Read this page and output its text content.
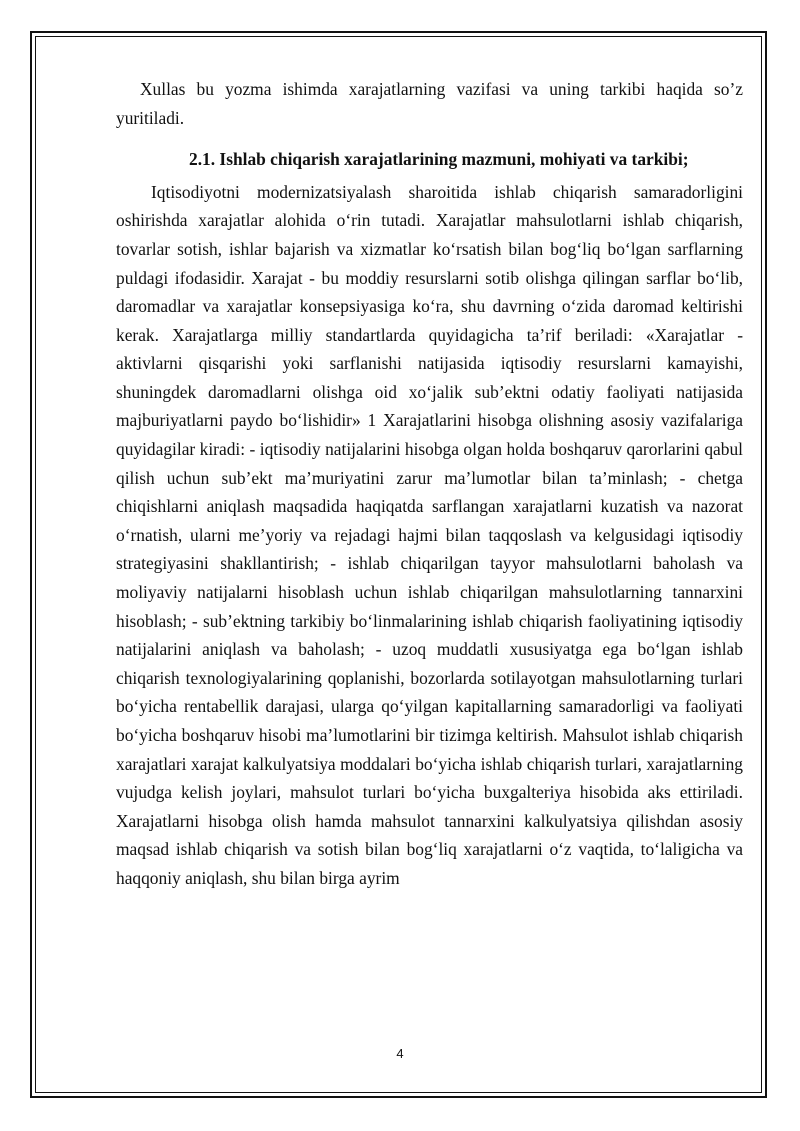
Xullas bu yozma ishimda xarajatlarning vazifasi va uning tarkibi haqida so’z yuritiladi.

2.1. Ishlab chiqarish xarajatlarining mazmuni, mohiyati va tarkibi;

Iqtisodiyotni modernizatsiyalash sharoitida ishlab chiqarish samaradorligini oshirishda xarajatlar alohida o‘rin tutadi. Xarajatlar mahsulotlarni ishlab chiqarish, tovarlar sotish, ishlar bajarish va xizmatlar ko‘rsatish bilan bog‘liq bo‘lgan sarflarning puldagi ifodasidir. Xarajat - bu moddiy resurslarni sotib olishga qilingan sarflar bo‘lib, daromadlar va xarajatlar konsepsiyasiga ko‘ra, shu davrning o‘zida daromad keltirishi kerak. Xarajatlarga milliy standartlarda quyidagicha ta’rif beriladi: «Xarajatlar - aktivlarni qisqarishi yoki sarflanishi natijasida iqtisodiy resurslarni kamayishi, shuningdek daromadlarni olishga oid xo‘jalik sub’ektni odatiy faoliyati natijasida majburiyatlarni paydo bo‘lishidir» 1 Xarajatlarini hisobga olishning asosiy vazifalariga quyidagilar kiradi: - iqtisodiy natijalarini hisobga olgan holda boshqaruv qarorlarini qabul qilish uchun sub’ekt ma’muriyatini zarur ma’lumotlar bilan ta’minlash; - chetga chiqishlarni aniqlash maqsadida haqiqatda sarflangan xarajatlarni kuzatish va nazorat o‘rnatish, ularni me’yoriy va rejadagi hajmi bilan taqqoslash va kelgusidagi iqtisodiy strategiyasini shakllantirish; - ishlab chiqarilgan tayyor mahsulotlarni baholash va moliyaviy natijalarni hisoblash uchun ishlab chiqarilgan mahsulotlarning tannarxini hisoblash; - sub’ektning tarkibiy bo‘linmalarining ishlab chiqarish faoliyatining iqtisodiy natijalarini aniqlash va baholash; - uzoq muddatli xususiyatga ega bo‘lgan ishlab chiqarish texnologiyalarining qoplanishi, bozorlarda sotilayotgan mahsulotlarning turlari bo‘yicha rentabellik darajasi, ularga qo‘yilgan kapitallarning samaradorligi va faoliyati bo‘yicha boshqaruv hisobi ma’lumotlarini bir tizimga keltirish. Mahsulot ishlab chiqarish xarajatlari xarajat kalkulyatsiya moddalari bo‘yicha ishlab chiqarish turlari, xarajatlarning vujudga kelish joylari, mahsulot turlari bo‘yicha buxgalteriya hisobida aks ettiriladi. Xarajatlarni hisobga olish hamda mahsulot tannarxini kalkulyatsiya qilishdan asosiy maqsad ishlab chiqarish va sotish bilan bog‘liq xarajatlarni o‘z vaqtida, to‘laligicha va haqqoniy aniqlash, shu bilan birga ayrim

4
